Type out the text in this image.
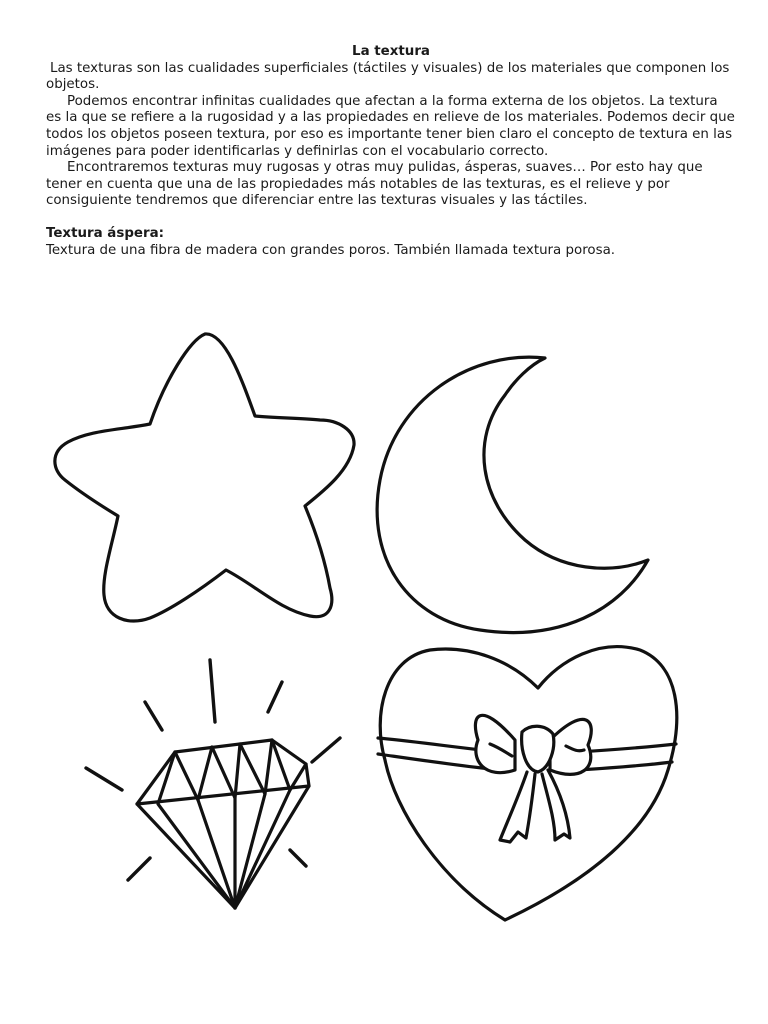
La textura

Las texturas son las cualidades superficiales (táctiles y visuales) de los materiales que componen los objetos.

Podemos encontrar infinitas cualidades que afectan a la forma externa de los objetos. La textura es la que se refiere a la rugosidad y a las propiedades en relieve de los materiales. Podemos decir que todos los objetos poseen textura, por eso es importante tener bien claro el concepto de textura en las imágenes para poder identificarlas y definirlas con el vocabulario correcto.

Encontraremos texturas muy rugosas y otras muy pulidas, ásperas, suaves… Por esto hay que tener en cuenta que una de las propiedades más notables de las texturas, es el relieve y por consiguiente tendremos que diferenciar entre las texturas visuales y las táctiles.

Textura áspera:

Textura de una fibra de madera con grandes poros. También llamada textura porosa.
